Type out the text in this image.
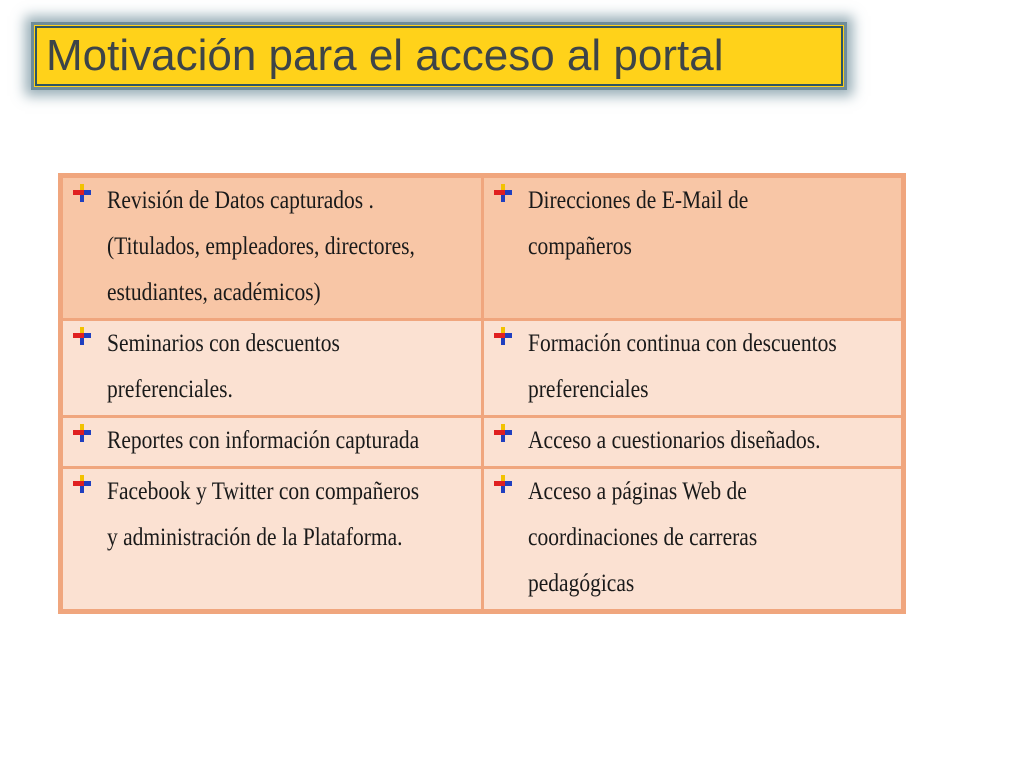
Motivación para el acceso al portal
Revisión de Datos capturados . (Titulados, empleadores, directores, estudiantes, académicos)	Direcciones de E-Mail de compañeros

Seminarios con descuentos preferenciales.	Formación continua con descuentos preferenciales

Reportes con información capturada	Acceso a cuestionarios diseñados.

Facebook y Twitter con compañeros y administración de la Plataforma.	Acceso a páginas Web de coordinaciones de carreras pedagógicas
